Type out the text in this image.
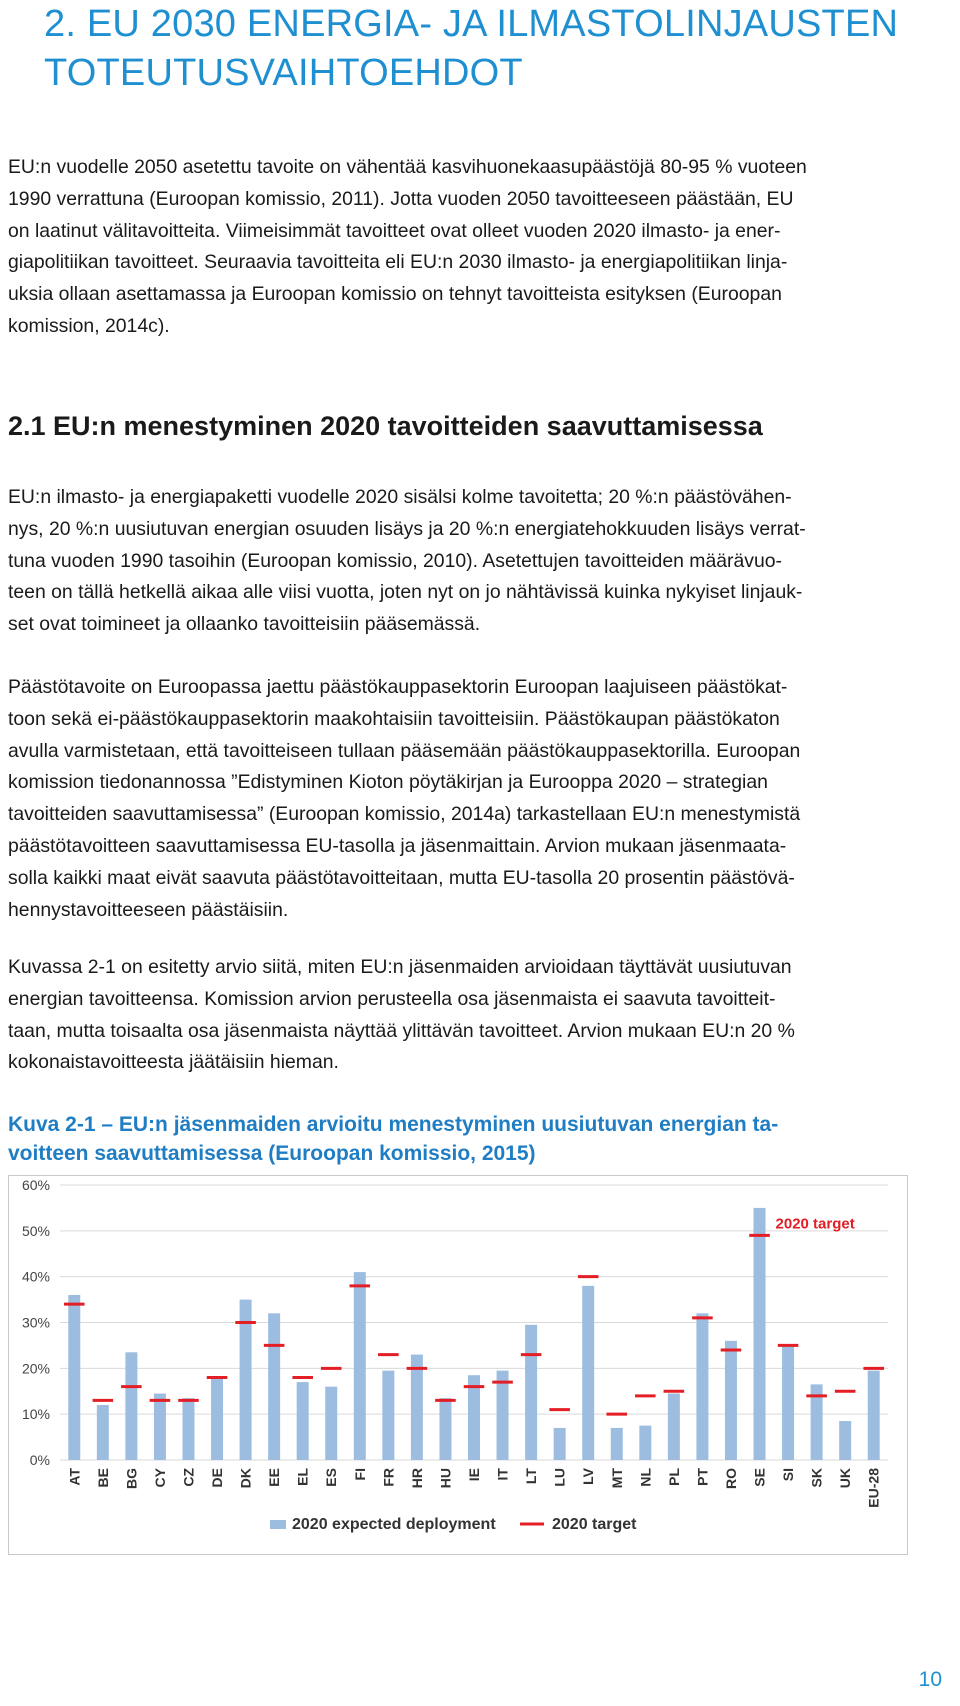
2. EU 2030 ENERGIA- JA ILMASTOLINJAUSTEN
TOTEUTUSVAIHTOEHDOT

EU:n vuodelle 2050 asetettu tavoite on vähentää kasvihuonekaasupäästöjä 80-95 % vuoteen
1990 verrattuna (Euroopan komissio, 2011). Jotta vuoden 2050 tavoitteeseen päästään, EU
on laatinut välitavoitteita. Viimeisimmät tavoitteet ovat olleet vuoden 2020 ilmasto- ja ener-
giapolitiikan tavoitteet. Seuraavia tavoitteita eli EU:n 2030 ilmasto- ja energiapolitiikan linja-
uksia ollaan asettamassa ja Euroopan komissio on tehnyt tavoitteista esityksen (Euroopan
komission, 2014c).

2.1 EU:n menestyminen 2020 tavoitteiden saavuttamisessa

EU:n ilmasto- ja energiapaketti vuodelle 2020 sisälsi kolme tavoitetta; 20 %:n päästövähen-
nys, 20 %:n uusiutuvan energian osuuden lisäys ja 20 %:n energiatehokkuuden lisäys verrat-
tuna vuoden 1990 tasoihin (Euroopan komissio, 2010). Asetettujen tavoitteiden määrävuo-
teen on tällä hetkellä aikaa alle viisi vuotta, joten nyt on jo nähtävissä kuinka nykyiset linjauk-
set ovat toimineet ja ollaanko tavoitteisiin pääsemässä.

Päästötavoite on Euroopassa jaettu päästökauppasektorin Euroopan laajuiseen päästökat-
toon sekä ei-päästökauppasektorin maakohtaisiin tavoitteisiin. Päästökaupan päästökaton
avulla varmistetaan, että tavoitteiseen tullaan pääsemään päästökauppasektorilla. Euroopan
komission tiedonannossa ”Edistyminen Kioton pöytäkirjan ja Eurooppa 2020 – strategian
tavoitteiden saavuttamisessa” (Euroopan komissio, 2014a) tarkastellaan EU:n menestymistä
päästötavoitteen saavuttamisessa EU-tasolla ja jäsenmaittain. Arvion mukaan jäsenmaata-
solla kaikki maat eivät saavuta päästötavoitteitaan, mutta EU-tasolla 20 prosentin päästövä-
hennystavoitteeseen päästäisiin.

Kuvassa 2-1 on esitetty arvio siitä, miten EU:n jäsenmaiden arvioidaan täyttävät uusiutuvan
energian tavoitteensa. Komission arvion perusteella osa jäsenmaista ei saavuta tavoitteit-
taan, mutta toisaalta osa jäsenmaista näyttää ylittävän tavoitteet. Arvion mukaan EU:n 20 %
kokonaistavoitteesta jäätäisiin hieman.

Kuva 2-1 – EU:n jäsenmaiden arvioitu menestyminen uusiutuvan energian ta-
voitteen saavuttamisessa (Euroopan komissio, 2015)

0%
10%
20%
30%
40%
50%
60%
AT BE BG CY CZ DE DK EE EL ES FI FR HR HU IE IT LT LU LV MT NL PL PT RO SE SI SK UK EU-28
2020 target
2020 expected deployment	2020 target

10
